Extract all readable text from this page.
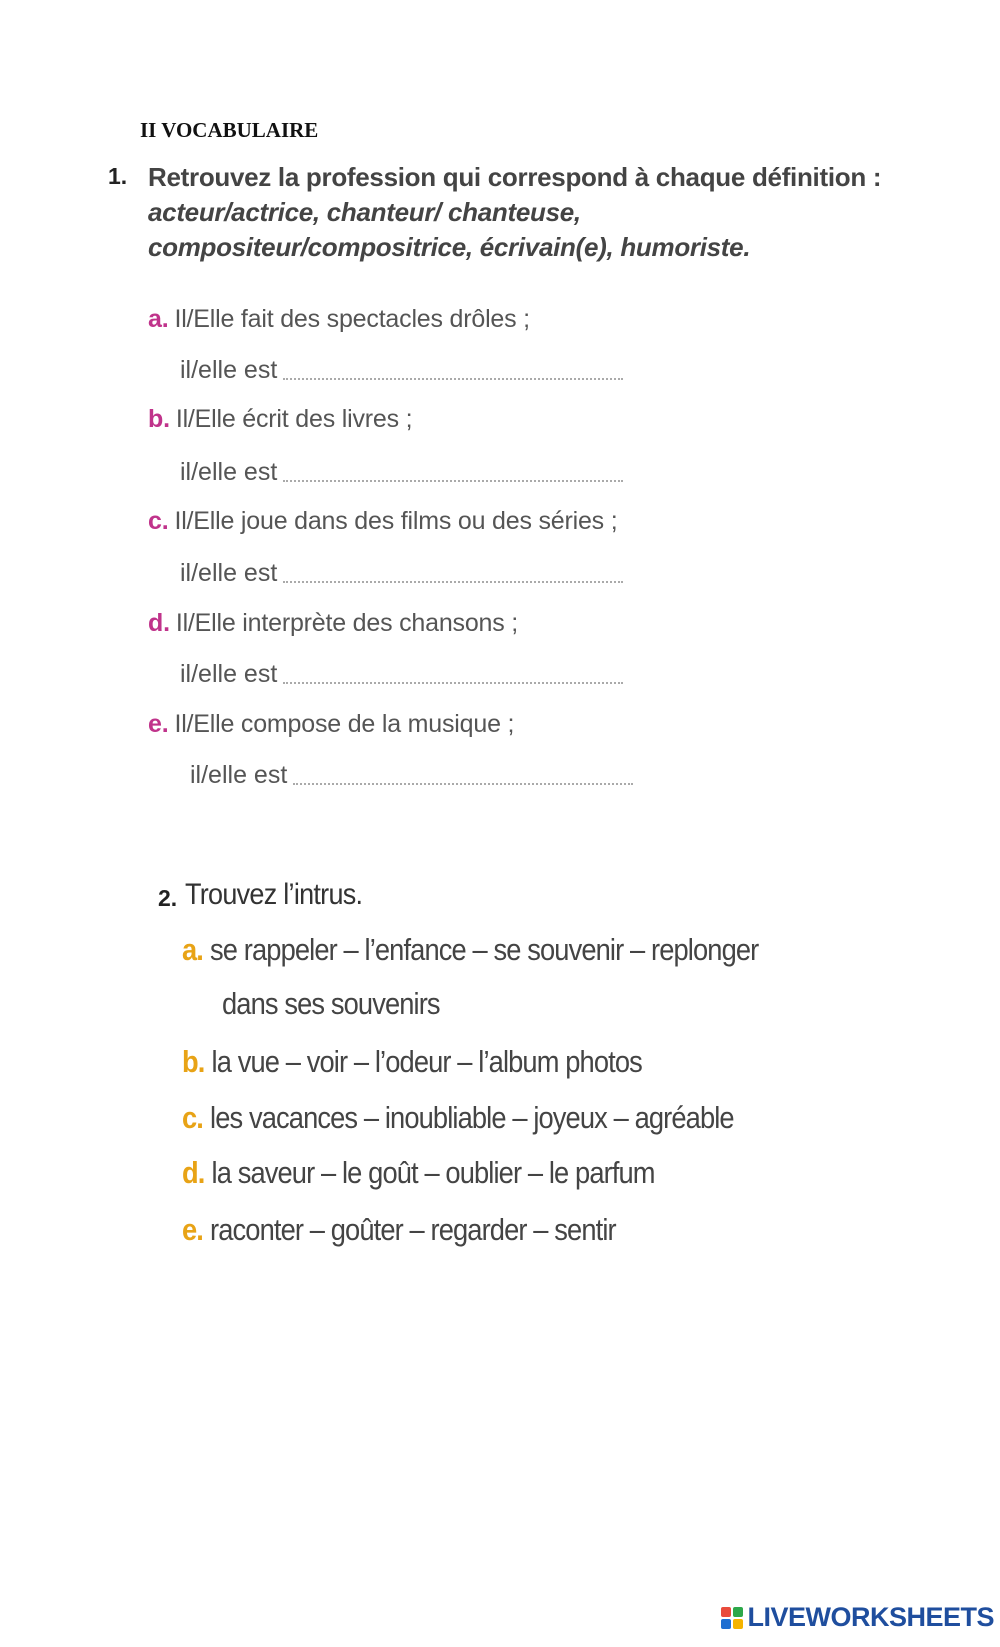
II VOCABULAIRE
1. Retrouvez la profession qui correspond à chaque définition : acteur/actrice, chanteur/ chanteuse, compositeur/compositrice, écrivain(e), humoriste.
a. Il/Elle fait des spectacles drôles ;
il/elle est
b. Il/Elle écrit des livres ;
il/elle est
c. Il/Elle joue dans des films ou des séries ;
il/elle est
d. Il/Elle interprète des chansons ;
il/elle est
e. Il/Elle compose de la musique ;
il/elle est
2. Trouvez l’intrus.
a. se rappeler – l’enfance – se souvenir – replonger
dans ses souvenirs
b. la vue – voir – l’odeur – l’album photos
c. les vacances – inoubliable – joyeux – agréable
d. la saveur – le goût – oublier – le parfum
e. raconter – goûter – regarder – sentir
LIVEWORKSHEETS
